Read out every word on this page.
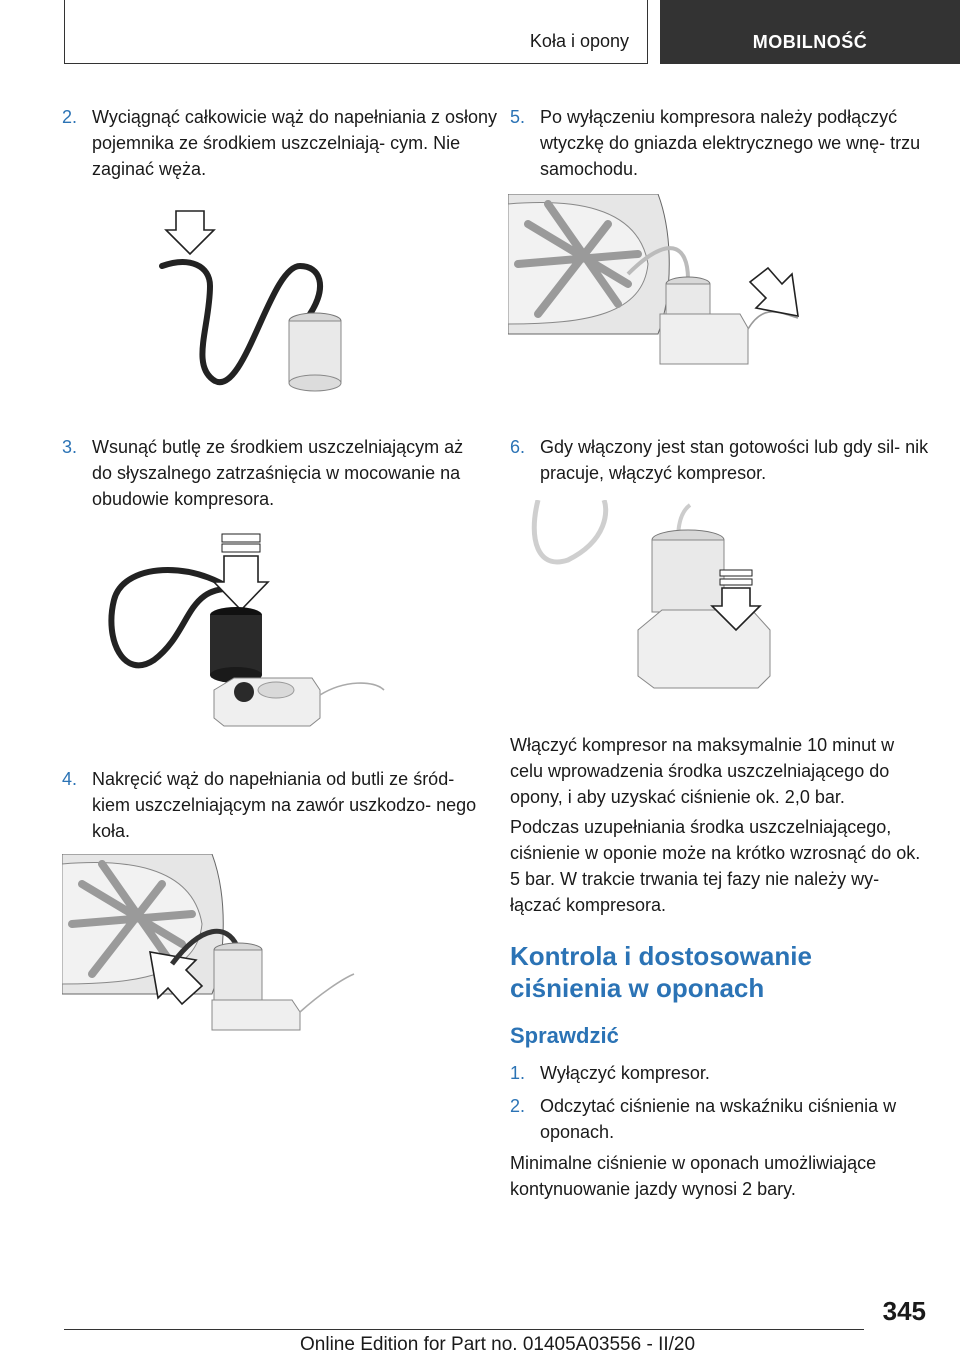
Koła i opony	MOBILNOŚĆ

2. Wyciągnąć całkowicie wąż do napełniania z osłony pojemnika ze środkiem uszczelniają‐ cym. Nie zaginać węża.

3. Wsunąć butlę ze środkiem uszczelniającym aż do słyszalnego zatrzaśnięcia w mocowanie na obudowie kompresora.

4. Nakręcić wąż do napełniania od butli ze śród‐ kiem uszczelniającym na zawór uszkodzo‐ nego koła.

5. Po wyłączeniu kompresora należy podłączyć wtyczkę do gniazda elektrycznego we wnę‐ trzu samochodu.

6. Gdy włączony jest stan gotowości lub gdy sil‐ nik pracuje, włączyć kompresor.

Włączyć kompresor na maksymalnie 10 minut w celu wprowadzenia środka uszczelniającego do opony, i aby uzyskać ciśnienie ok. 2,0 bar.

Podczas uzupełniania środka uszczelniającego, ciśnienie w oponie może na krótko wzrosnąć do ok. 5 bar. W trakcie trwania tej fazy nie należy wy‐ łączać kompresora.

Kontrola i dostosowanie ciśnienia w oponach

Sprawdzić

1. Wyłączyć kompresor.

2. Odczytać ciśnienie na wskaźniku ciśnienia w oponach.

Minimalne ciśnienie w oponach umożliwiające kontynuowanie jazdy wynosi 2 bary.

345
Online Edition for Part no. 01405A03556 - II/20
